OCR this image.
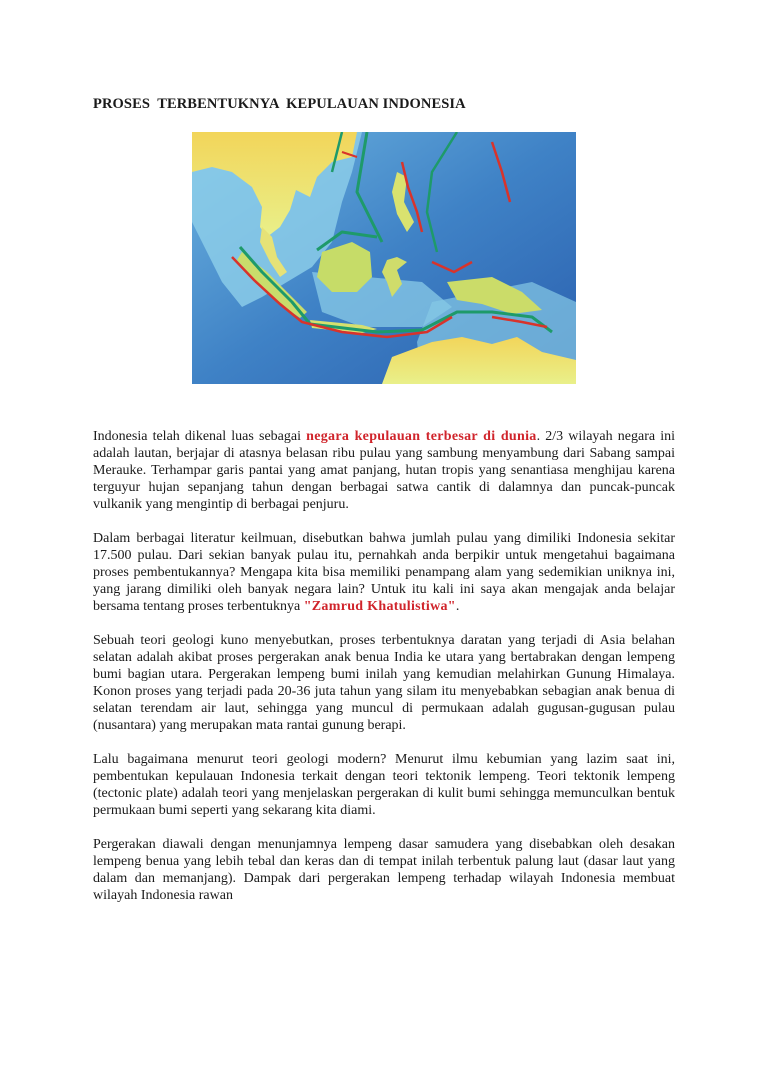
PROSES  TERBENTUKNYA  KEPULAUAN INDONESIA

Indonesia telah dikenal luas sebagai negara kepulauan terbesar di dunia. 2/3 wilayah negara ini adalah lautan, berjajar di atasnya belasan ribu pulau yang sambung menyambung dari Sabang sampai Merauke. Terhampar garis pantai yang amat panjang, hutan tropis yang senantiasa menghijau karena terguyur hujan sepanjang tahun dengan berbagai satwa cantik di dalamnya dan puncak-puncak vulkanik yang mengintip di berbagai penjuru.

Dalam berbagai literatur keilmuan, disebutkan bahwa jumlah pulau yang dimiliki Indonesia sekitar 17.500 pulau. Dari sekian banyak pulau itu, pernahkah anda berpikir untuk mengetahui bagaimana proses pembentukannya? Mengapa kita bisa memiliki penampang alam yang sedemikian uniknya ini, yang jarang dimiliki oleh banyak negara lain? Untuk itu kali ini saya akan mengajak anda belajar bersama tentang proses terbentuknya "Zamrud Khatulistiwa".

Sebuah teori geologi kuno menyebutkan, proses terbentuknya daratan yang terjadi di Asia belahan selatan adalah akibat proses pergerakan anak benua India ke utara yang bertabrakan dengan lempeng bumi bagian utara. Pergerakan lempeng bumi inilah yang kemudian melahirkan Gunung Himalaya. Konon proses yang terjadi pada 20-36 juta tahun yang silam itu menyebabkan sebagian anak benua di selatan terendam air laut, sehingga yang muncul di permukaan adalah gugusan-gugusan pulau (nusantara) yang merupakan mata rantai gunung berapi.

Lalu bagaimana menurut teori geologi modern? Menurut ilmu kebumian yang lazim saat ini, pembentukan kepulauan Indonesia terkait dengan teori tektonik lempeng. Teori tektonik lempeng (tectonic plate) adalah teori yang menjelaskan pergerakan di kulit bumi sehingga memunculkan bentuk permukaan bumi seperti yang sekarang kita diami.

Pergerakan diawali dengan menunjamnya lempeng dasar samudera yang disebabkan oleh desakan lempeng benua yang lebih tebal dan keras dan di tempat inilah terbentuk palung laut (dasar laut yang dalam dan memanjang). Dampak dari pergerakan lempeng terhadap wilayah Indonesia membuat wilayah Indonesia rawan
